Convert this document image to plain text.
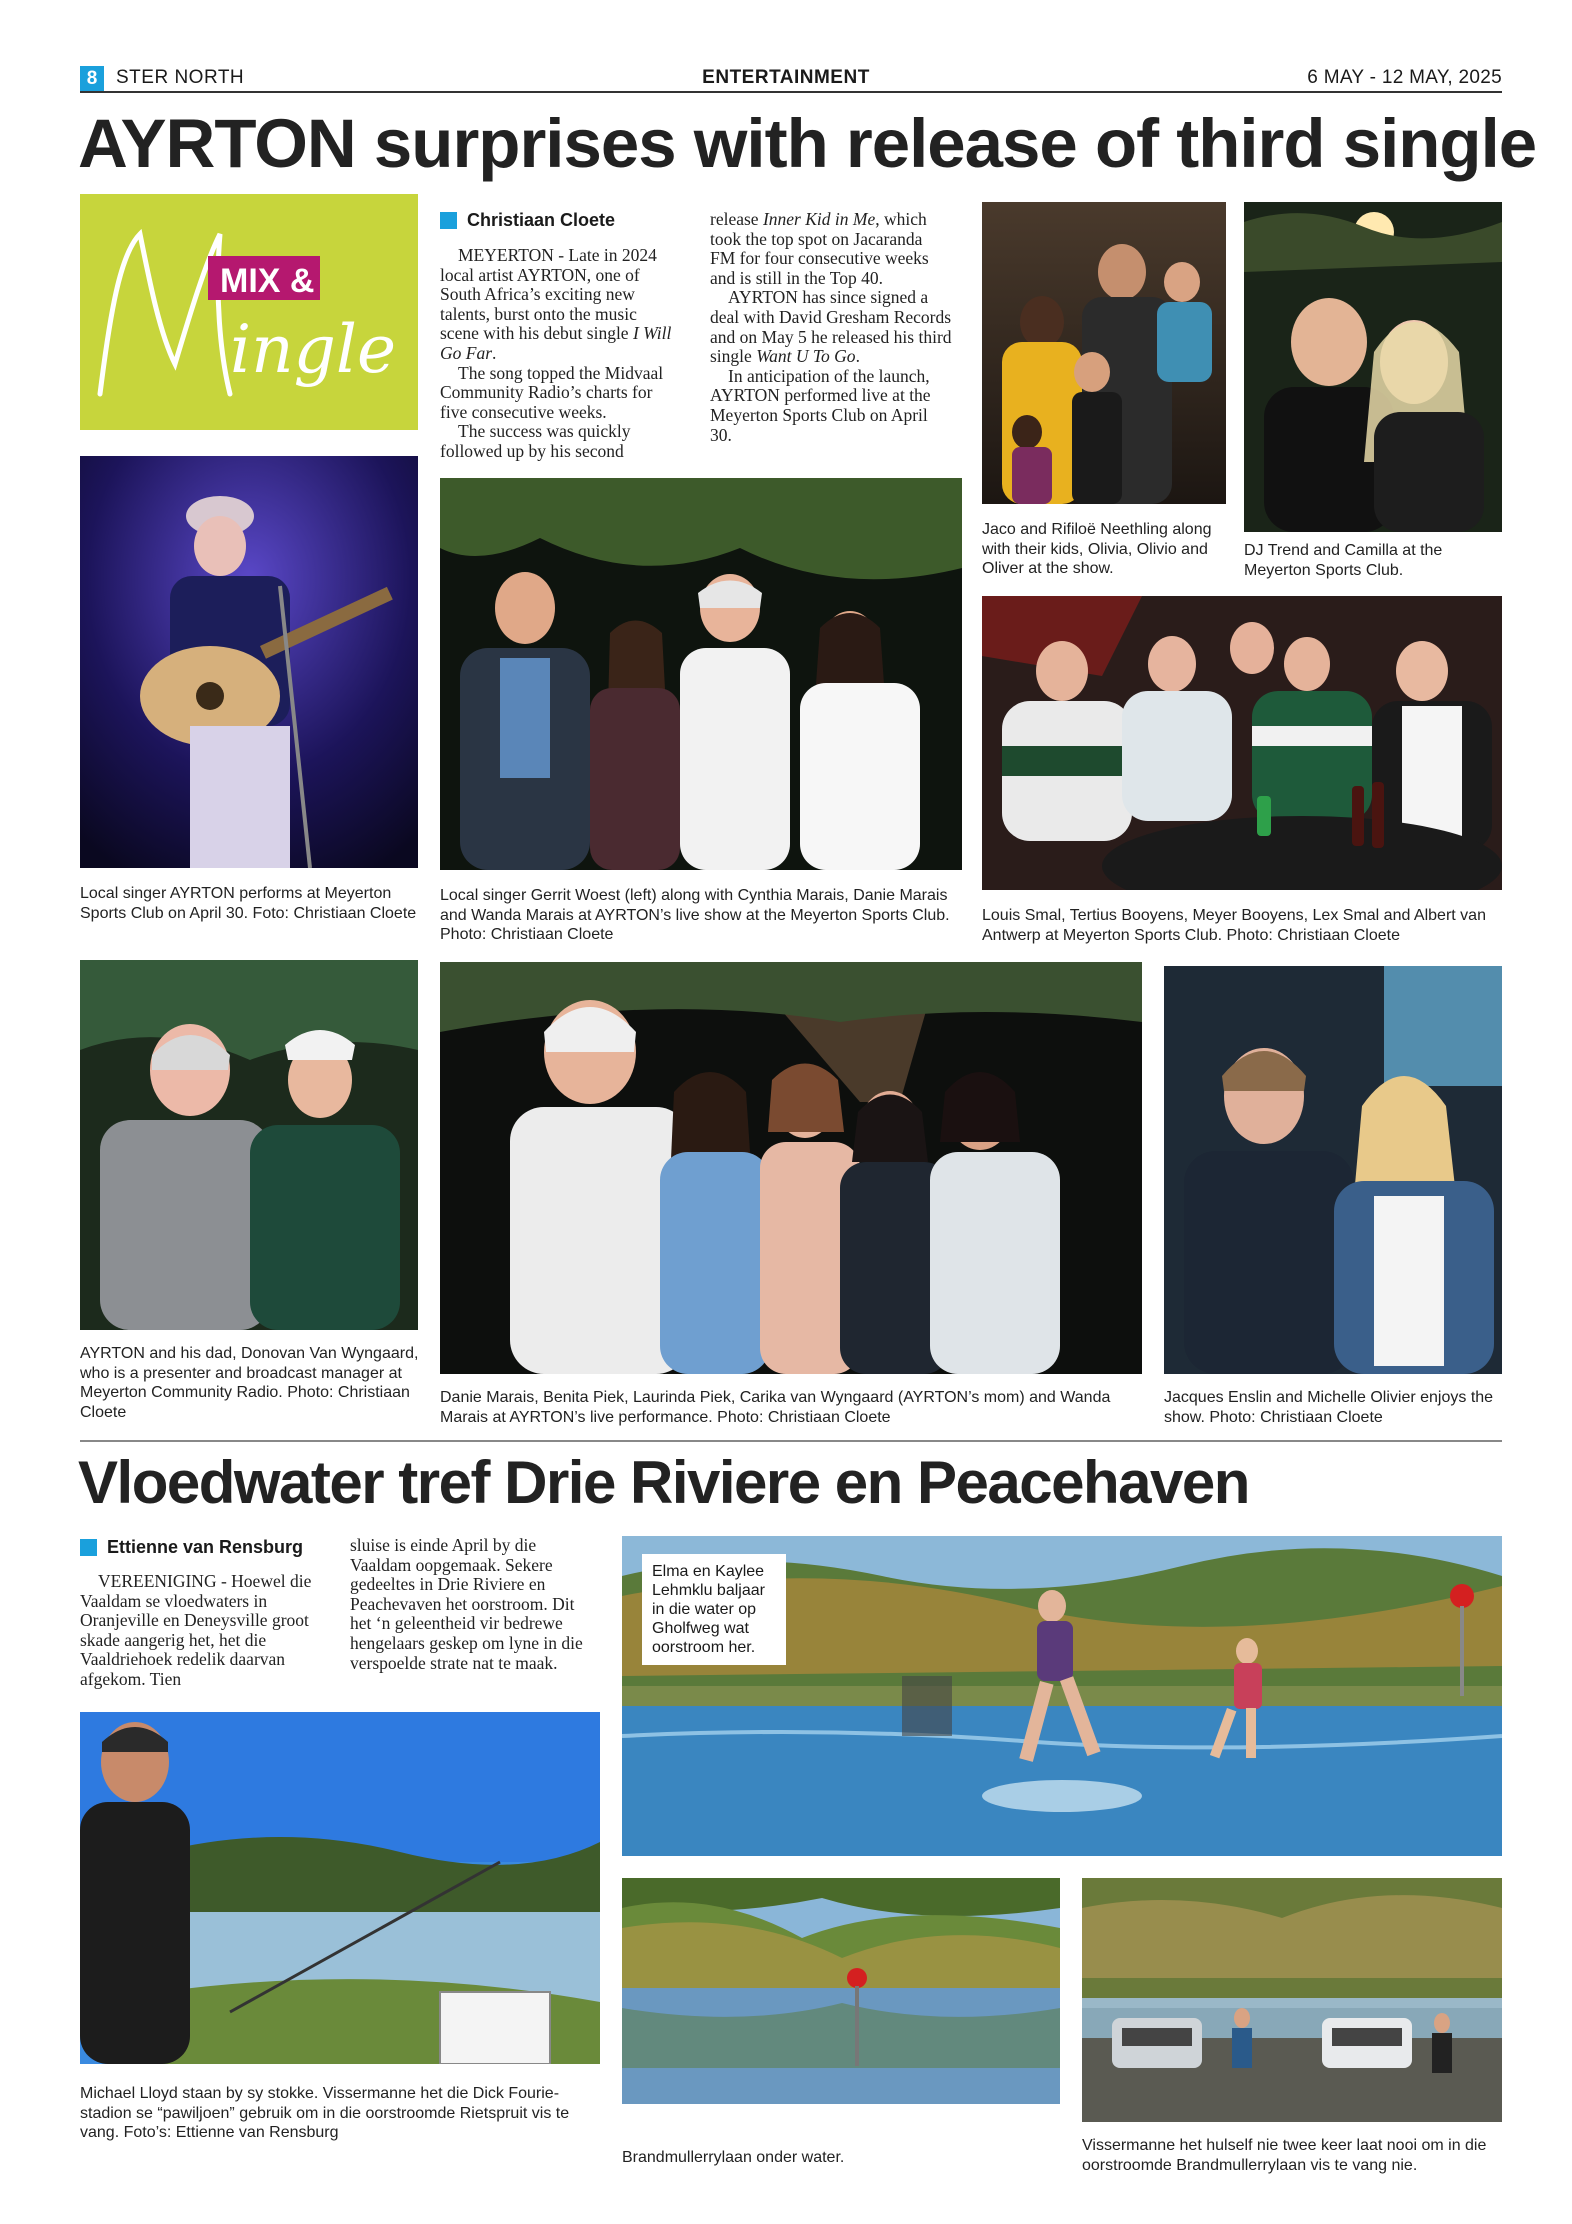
8 STER NORTH	ENTERTAINMENT	6 MAY - 12 MAY, 2025
AYRTON surprises with release of third single
MIX &
ingle
Christiaan Cloete

MEYERTON - Late in 2024 local artist AYRTON, one of South Africa’s exciting new talents, burst onto the music scene with his debut single I Will Go Far.

The song topped the Midvaal Community Radio’s charts for five consecutive weeks.

The success was quickly followed up by his second

release Inner Kid in Me, which took the top spot on Jacaranda FM for four consecutive weeks and is still in the Top 40.

AYRTON has since signed a deal with David Gresham Records and on May 5 he released his third single Want U To Go.

In anticipation of the launch, AYRTON performed live at the Meyerton Sports Club on April 30.

Jaco and Rifiloë Neethling along with their kids, Olivia, Olivio and Oliver at the show.
DJ Trend and Camilla at the Meyerton Sports Club.
Local singer AYRTON performs at Meyerton Sports Club on April 30. Foto: Christiaan Cloete
Local singer Gerrit Woest (left) along with Cynthia Marais, Danie Marais and Wanda Marais at AYRTON’s live show at the Meyerton Sports Club. Photo: Christiaan Cloete
Louis Smal, Tertius Booyens, Meyer Booyens, Lex Smal and Albert van Antwerp at Meyerton Sports Club. Photo: Christiaan Cloete
AYRTON and his dad, Donovan Van Wyngaard, who is a presenter and broadcast manager at Meyerton Community Radio. Photo: Christiaan Cloete
Danie Marais, Benita Piek, Laurinda Piek, Carika van Wyngaard (AYRTON’s mom) and Wanda Marais at AYRTON’s live performance. Photo: Christiaan Cloete
Jacques Enslin and Michelle Olivier enjoys the show. Photo: Christiaan Cloete
Vloedwater tref Drie Riviere en Peacehaven
Ettienne van Rensburg

VEREENIGING - Hoewel die Vaaldam se vloedwaters in Oranjeville en Deneysville groot skade aangerig het, het die Vaaldriehoek redelik daarvan afgekom. Tien

sluise is einde April by die Vaaldam oopgemaak. Sekere gedeeltes in Drie Riviere en Peachevaven het oorstroom. Dit het ‘n geleentheid vir bedrewe hengelaars geskep om lyne in die verspoelde strate nat te maak.

Elma en Kaylee Lehmklu baljaar in die water op Gholfweg wat oorstroom her.
Michael Lloyd staan by sy stokke. Vissermanne het die Dick Fourie-stadion se “pawiljoen” gebruik om in die oorstroomde Rietspruit vis te vang. Foto’s: Ettienne van Rensburg
Brandmullerrylaan onder water.
Vissermanne het hulself nie twee keer laat nooi om in die oorstroomde Brandmullerrylaan vis te vang nie.
